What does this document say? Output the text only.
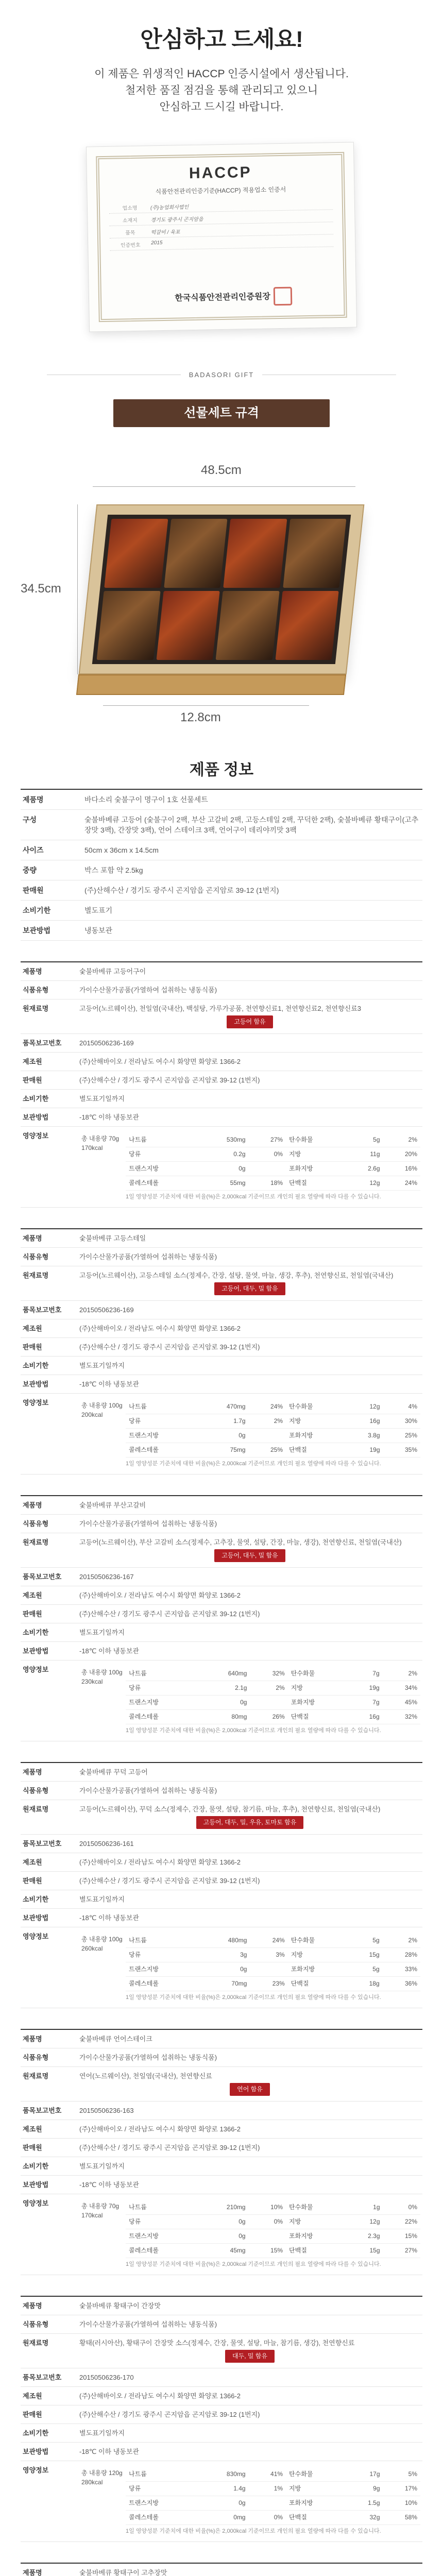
안심하고 드세요!
이 제품은 위생적인 HACCP 인증시설에서 생산됩니다.
철저한 품질 점검을 통해 관리되고 있으니
안심하고 드시길 바랍니다.
HACCP
식품안전관리인증기준(HACCP) 적용업소 인증서
업소명	(주)농업회사법인
소재지	경기도 광주시 곤지암읍
품목	떡갈비 / 육포
인증번호	2015
한국식품안전관리인증원장
BADASORI GIFT
선물세트 규격
48.5cm
34.5cm
12.8cm
제품 정보
제품명	바다소리 숯불구이 명구이 1호 선물세트
구성	숯불바베큐 고등어 (숯불구이 2팩, 부산 고갈비 2팩, 고등스테일 2팩, 꾸덕한 2팩), 숯불바베큐 황태구이(고추장맛 3팩), 간장맛 3팩), 언어 스테이크 3팩, 언어구이 데리야끼맛 3팩
사이즈	50cm x 36cm x 14.5cm
중량	박스 포함 약 2.5kg
판매원	(주)산해수산 / 경기도 광주시 곤지암읍 곤지암로 39-12 (1번지)
소비기한	별도표기
보관방법	냉동보관
제품명	숯불바베큐 고등어구이
식품유형	가이수산물가공품(가열하여 섭취하는 냉동식품)
원재료명	고등어(노르웨이산), 천일염(국내산), 백설탕, 가루가공품, 천연향신료1, 천연향신료2, 천연향신료3
고등어 함유
품목보고번호	20150506236-169
제조원	(주)산해바이오 / 전라남도 여수시 화양면 화양로 1366-2
판매원	(주)산해수산 / 경기도 광주시 곤지암읍 곤지암로 39-12 (1번지)
소비기한	별도표기일까지
보관방법	-18℃ 이하 냉동보관
영양정보	총 내용량 70g
170kcal
나트륨	530mg	27%	탄수화물	5g	2%
당류	0.2g	0%	지방	11g	20%
트랜스지방	0g		포화지방	2.6g	16%
콜레스테롤	55mg	18%	단백질	12g	24%
1일 영양성분 기준치에 대한 비율(%)은 2,000kcal 기준이므로 개인의 필요 열량에 따라 다를 수 있습니다.
제품명	숯불바베큐 고등스테일
식품유형	가이수산물가공품(가열하여 섭취하는 냉동식품)
원재료명	고등어(노르웨이산), 고등스테일 소스(정제수, 간장, 설탕, 물엿, 마늘, 생강, 후추), 천연향신료, 천일염(국내산)
고등어, 대두, 밀 함유
품목보고번호	20150506236-169
제조원	(주)산해바이오 / 전라남도 여수시 화양면 화양로 1366-2
판매원	(주)산해수산 / 경기도 광주시 곤지암읍 곤지암로 39-12 (1번지)
소비기한	별도표기일까지
보관방법	-18℃ 이하 냉동보관
영양정보	총 내용량 100g
200kcal
나트륨	470mg	24%	탄수화물	12g	4%
당류	1.7g	2%	지방	16g	30%
트랜스지방	0g		포화지방	3.8g	25%
콜레스테롤	75mg	25%	단백질	19g	35%
1일 영양성분 기준치에 대한 비율(%)은 2,000kcal 기준이므로 개인의 필요 열량에 따라 다를 수 있습니다.
제품명	숯불바베큐 부산고갈비
식품유형	가이수산물가공품(가열하여 섭취하는 냉동식품)
원재료명	고등어(노르웨이산), 부산 고갈비 소스(정제수, 고추장, 물엿, 설탕, 간장, 마늘, 생강), 천연향신료, 천일염(국내산)
고등어, 대두, 밀 함유
품목보고번호	20150506236-167
제조원	(주)산해바이오 / 전라남도 여수시 화양면 화양로 1366-2
판매원	(주)산해수산 / 경기도 광주시 곤지암읍 곤지암로 39-12 (1번지)
소비기한	별도표기일까지
보관방법	-18℃ 이하 냉동보관
영양정보	총 내용량 100g
230kcal
나트륨	640mg	32%	탄수화물	7g	2%
당류	2.1g	2%	지방	19g	34%
트랜스지방	0g		포화지방	7g	45%
콜레스테롤	80mg	26%	단백질	16g	32%
1일 영양성분 기준치에 대한 비율(%)은 2,000kcal 기준이므로 개인의 필요 열량에 따라 다를 수 있습니다.
제품명	숯불바베큐 꾸덕 고등어
식품유형	가이수산물가공품(가열하여 섭취하는 냉동식품)
원재료명	고등어(노르웨이산), 꾸덕 소스(정제수, 간장, 물엿, 설탕, 참기름, 마늘, 후추), 천연향신료, 천일염(국내산)
고등어, 대두, 밀, 우유, 토마토 함유
품목보고번호	20150506236-161
제조원	(주)산해바이오 / 전라남도 여수시 화양면 화양로 1366-2
판매원	(주)산해수산 / 경기도 광주시 곤지암읍 곤지암로 39-12 (1번지)
소비기한	별도표기일까지
보관방법	-18℃ 이하 냉동보관
영양정보	총 내용량 100g
260kcal
나트륨	480mg	24%	탄수화물	5g	2%
당류	3g	3%	지방	15g	28%
트랜스지방	0g		포화지방	5g	33%
콜레스테롤	70mg	23%	단백질	18g	36%
1일 영양성분 기준치에 대한 비율(%)은 2,000kcal 기준이므로 개인의 필요 열량에 따라 다를 수 있습니다.
제품명	숯불바베큐 언어스테이크
식품유형	가이수산물가공품(가열하여 섭취하는 냉동식품)
원재료명	연어(노르웨이산), 천일염(국내산), 천연향신료
연어 함유
품목보고번호	20150506236-163
제조원	(주)산해바이오 / 전라남도 여수시 화양면 화양로 1366-2
판매원	(주)산해수산 / 경기도 광주시 곤지암읍 곤지암로 39-12 (1번지)
소비기한	별도표기일까지
보관방법	-18℃ 이하 냉동보관
영양정보	총 내용량 70g
170kcal
나트륨	210mg	10%	탄수화물	1g	0%
당류	0g	0%	지방	12g	22%
트랜스지방	0g		포화지방	2.3g	15%
콜레스테롤	45mg	15%	단백질	15g	27%
1일 영양성분 기준치에 대한 비율(%)은 2,000kcal 기준이므로 개인의 필요 열량에 따라 다를 수 있습니다.
제품명	숯불바베큐 황태구이 간장맛
식품유형	가이수산물가공품(가열하여 섭취하는 냉동식품)
원재료명	황태(러시아산), 황태구이 간장맛 소스(정제수, 간장, 물엿, 설탕, 마늘, 참기름, 생강), 천연향신료
대두, 밀 함유
품목보고번호	20150506236-170
제조원	(주)산해바이오 / 전라남도 여수시 화양면 화양로 1366-2
판매원	(주)산해수산 / 경기도 광주시 곤지암읍 곤지암로 39-12 (1번지)
소비기한	별도표기일까지
보관방법	-18℃ 이하 냉동보관
영양정보	총 내용량 120g
280kcal
나트륨	830mg	41%	탄수화물	17g	5%
당류	1.4g	1%	지방	9g	17%
트랜스지방	0g		포화지방	1.5g	10%
콜레스테롤	0mg	0%	단백질	32g	58%
1일 영양성분 기준치에 대한 비율(%)은 2,000kcal 기준이므로 개인의 필요 열량에 따라 다를 수 있습니다.
제품명	숯불바베큐 황태구이 고추장맛
